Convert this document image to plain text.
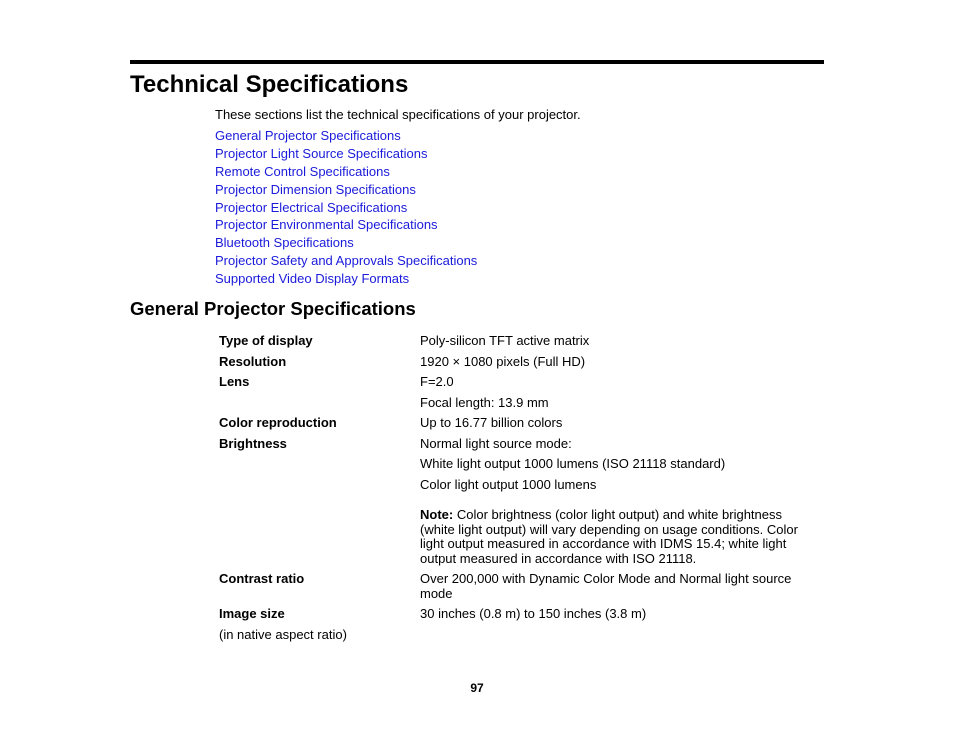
Technical Specifications

These sections list the technical specifications of your projector.

General Projector Specifications
Projector Light Source Specifications
Remote Control Specifications
Projector Dimension Specifications
Projector Electrical Specifications
Projector Environmental Specifications
Bluetooth Specifications
Projector Safety and Approvals Specifications
Supported Video Display Formats
General Projector Specifications
Type of display	Poly-silicon TFT active matrix
Resolution	1920 × 1080 pixels (Full HD)
Lens	F=2.0
	Focal length: 13.9 mm
Color reproduction	Up to 16.77 billion colors
Brightness	Normal light source mode:
	White light output 1000 lumens (ISO 21118 standard)
	Color light output 1000 lumens
	Note: Color brightness (color light output) and white brightness (white light output) will vary depending on usage conditions. Color light output measured in accordance with IDMS 15.4; white light output measured in accordance with ISO 21118.
Contrast ratio	Over 200,000 with Dynamic Color Mode and Normal light source mode
Image size	30 inches (0.8 m) to 150 inches (3.8 m)
(in native aspect ratio)	
97
